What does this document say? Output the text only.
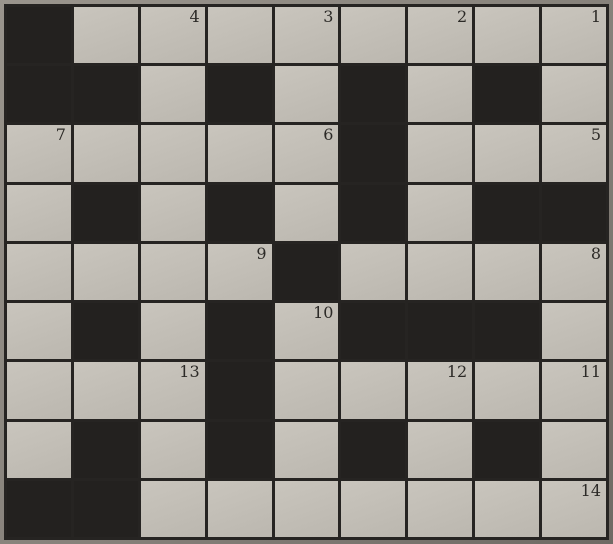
4	3	2	1
7	6	5
9	8
10
13	12	11
14
